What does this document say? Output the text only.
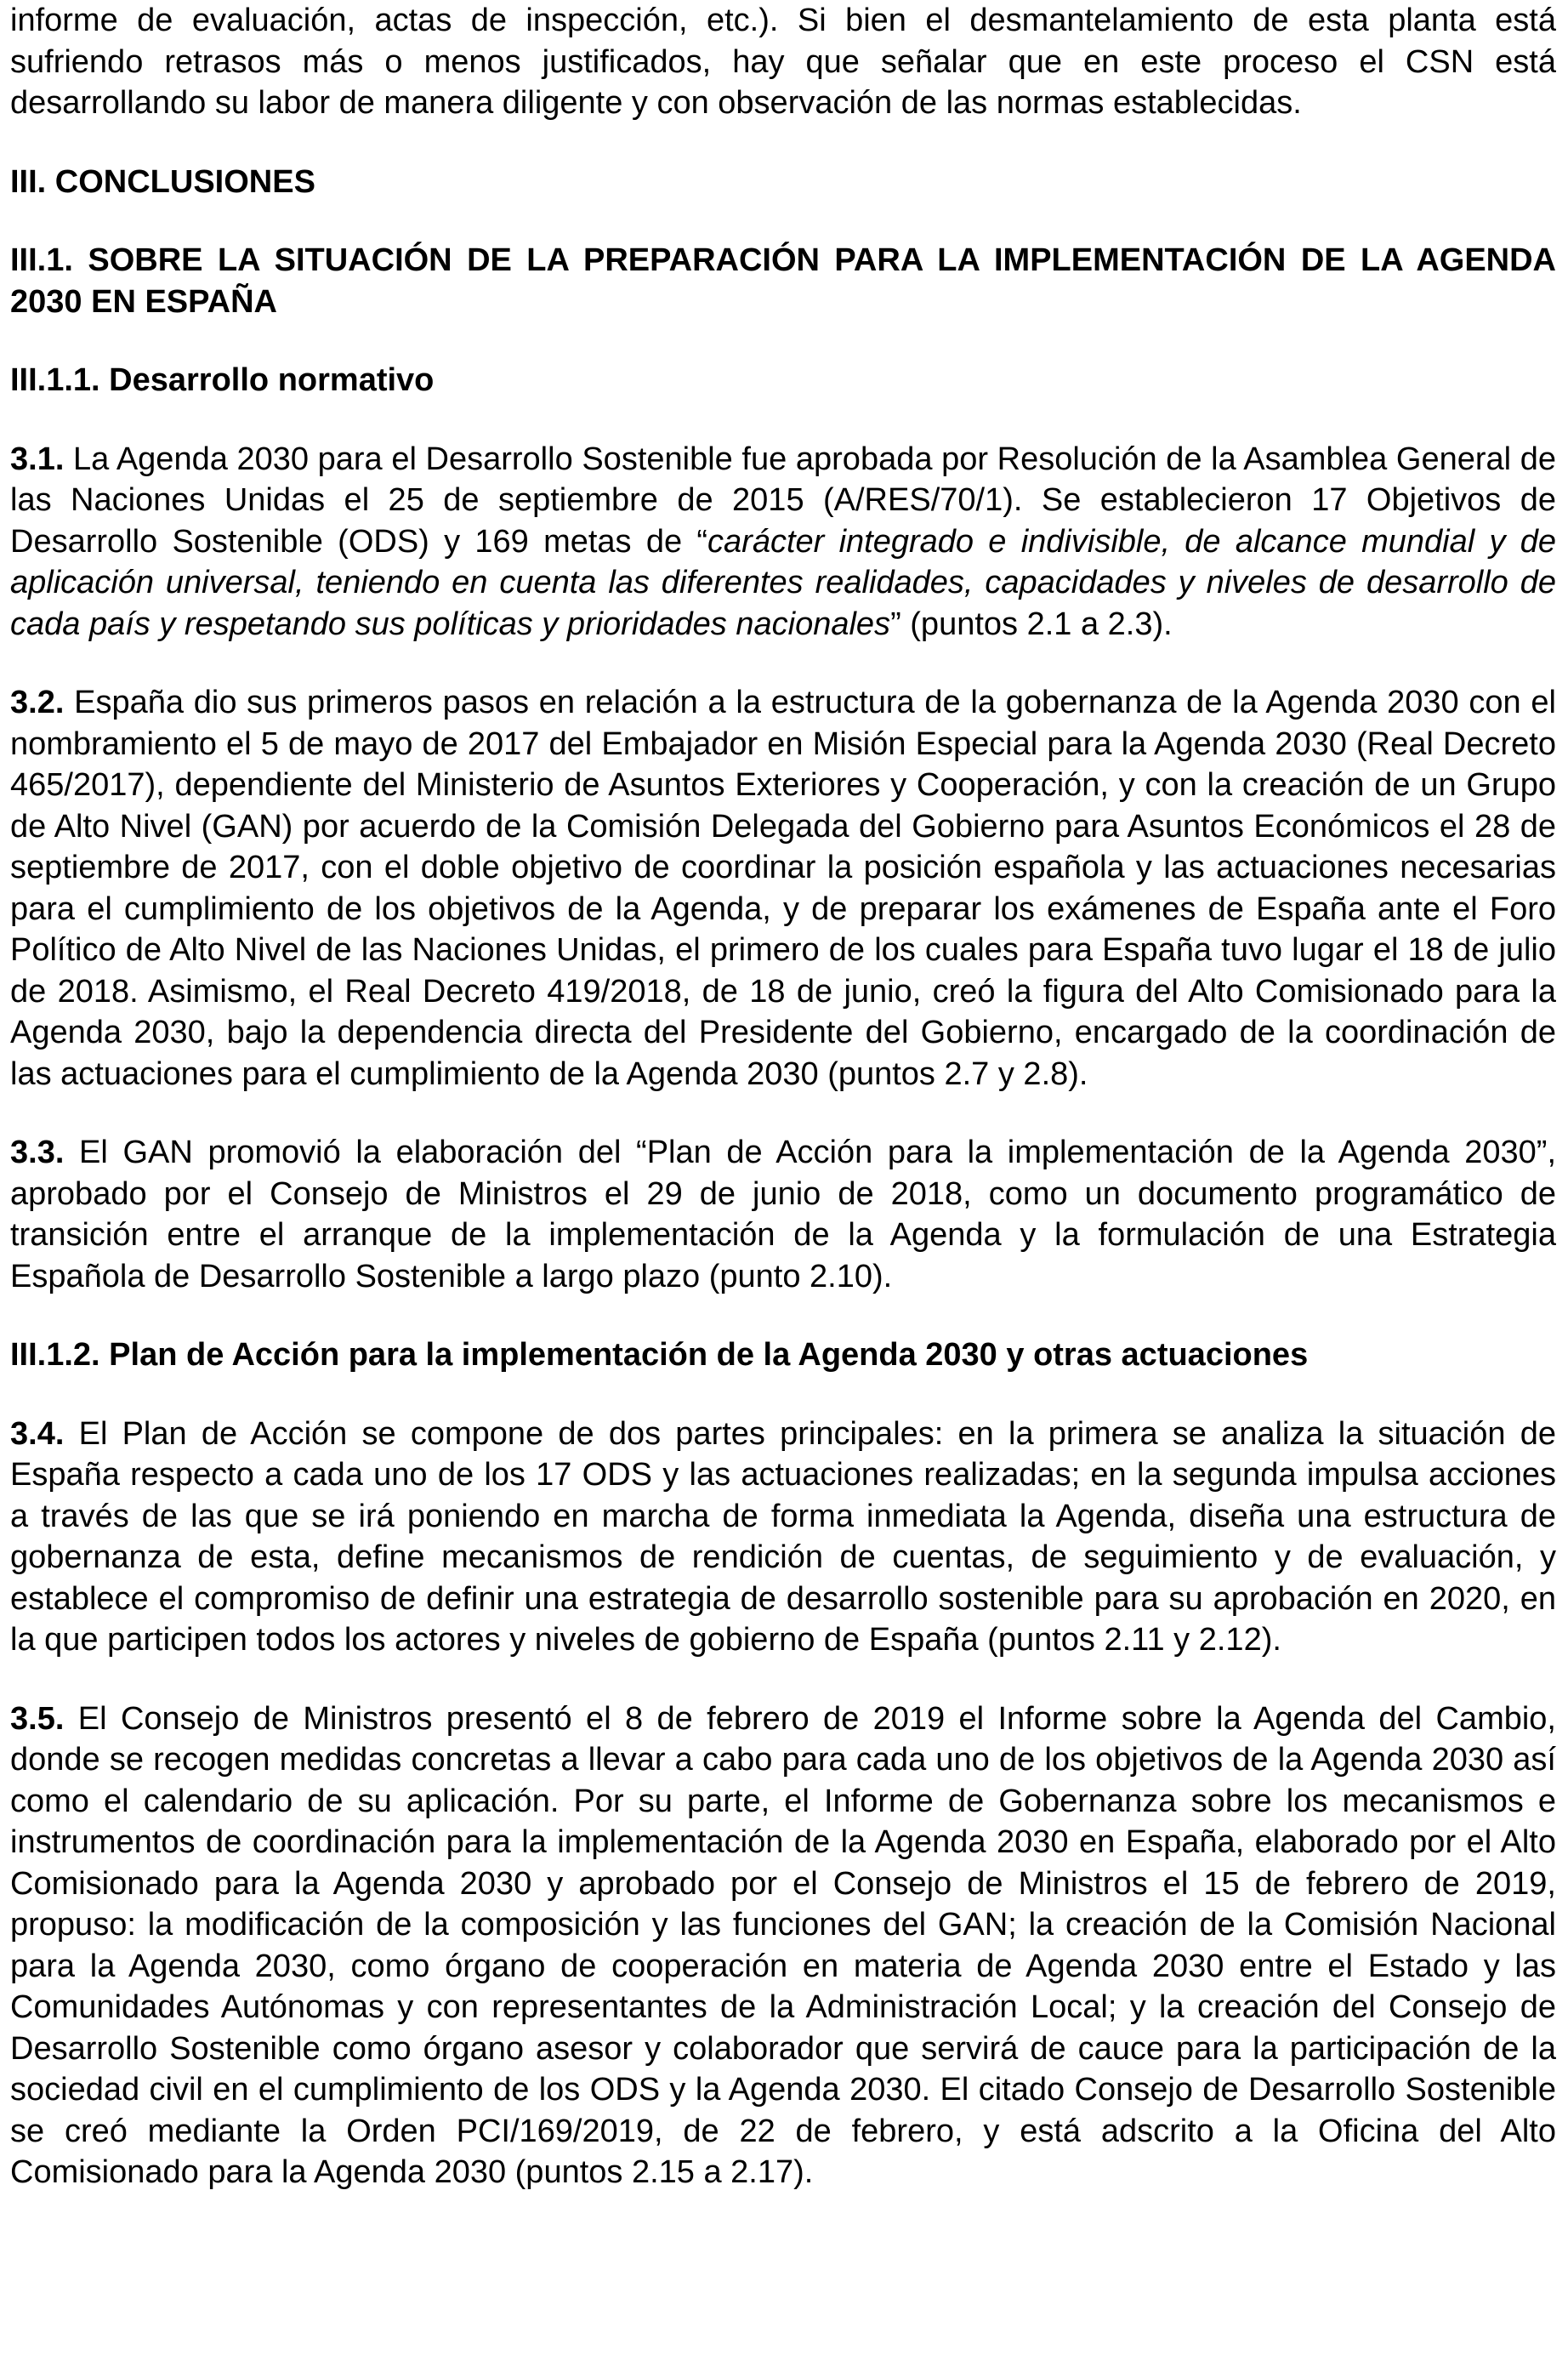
informe de evaluación, actas de inspección, etc.). Si bien el desmantelamiento de esta planta está sufriendo retrasos más o menos justificados, hay que señalar que en este proceso el CSN está desarrollando su labor de manera diligente y con observación de las normas establecidas.

III. CONCLUSIONES

III.1. SOBRE LA SITUACIÓN DE LA PREPARACIÓN PARA LA IMPLEMENTACIÓN DE LA AGENDA 2030 EN ESPAÑA

III.1.1. Desarrollo normativo

3.1. La Agenda 2030 para el Desarrollo Sostenible fue aprobada por Resolución de la Asamblea General de las Naciones Unidas el 25 de septiembre de 2015 (A/RES/70/1). Se establecieron 17 Objetivos de Desarrollo Sostenible (ODS) y 169 metas de “carácter integrado e indivisible, de alcance mundial y de aplicación universal, teniendo en cuenta las diferentes realidades, capacidades y niveles de desarrollo de cada país y respetando sus políticas y prioridades nacionales” (puntos 2.1 a 2.3).

3.2. España dio sus primeros pasos en relación a la estructura de la gobernanza de la Agenda 2030 con el nombramiento el 5 de mayo de 2017 del Embajador en Misión Especial para la Agenda 2030 (Real Decreto 465/2017), dependiente del Ministerio de Asuntos Exteriores y Cooperación, y con la creación de un Grupo de Alto Nivel (GAN) por acuerdo de la Comisión Delegada del Gobierno para Asuntos Económicos el 28 de septiembre de 2017, con el doble objetivo de coordinar la posición española y las actuaciones necesarias para el cumplimiento de los objetivos de la Agenda, y de preparar los exámenes de España ante el Foro Político de Alto Nivel de las Naciones Unidas, el primero de los cuales para España tuvo lugar el 18 de julio de 2018. Asimismo, el Real Decreto 419/2018, de 18 de junio, creó la figura del Alto Comisionado para la Agenda 2030, bajo la dependencia directa del Presidente del Gobierno, encargado de la coordinación de las actuaciones para el cumplimiento de la Agenda 2030 (puntos 2.7 y 2.8).

3.3. El GAN promovió la elaboración del “Plan de Acción para la implementación de la Agenda 2030”, aprobado por el Consejo de Ministros el 29 de junio de 2018, como un documento programático de transición entre el arranque de la implementación de la Agenda y la formulación de una Estrategia Española de Desarrollo Sostenible a largo plazo (punto 2.10).

III.1.2. Plan de Acción para la implementación de la Agenda 2030 y otras actuaciones

3.4. El Plan de Acción se compone de dos partes principales: en la primera se analiza la situación de España respecto a cada uno de los 17 ODS y las actuaciones realizadas; en la segunda impulsa acciones a través de las que se irá poniendo en marcha de forma inmediata la Agenda, diseña una estructura de gobernanza de esta, define mecanismos de rendición de cuentas, de seguimiento y de evaluación, y establece el compromiso de definir una estrategia de desarrollo sostenible para su aprobación en 2020, en la que participen todos los actores y niveles de gobierno de España (puntos 2.11 y 2.12).

3.5. El Consejo de Ministros presentó el 8 de febrero de 2019 el Informe sobre la Agenda del Cambio, donde se recogen medidas concretas a llevar a cabo para cada uno de los objetivos de la Agenda 2030 así como el calendario de su aplicación. Por su parte, el Informe de Gobernanza sobre los mecanismos e instrumentos de coordinación para la implementación de la Agenda 2030 en España, elaborado por el Alto Comisionado para la Agenda 2030 y aprobado por el Consejo de Ministros el 15 de febrero de 2019, propuso: la modificación de la composición y las funciones del GAN; la creación de la Comisión Nacional para la Agenda 2030, como órgano de cooperación en materia de Agenda 2030 entre el Estado y las Comunidades Autónomas y con representantes de la Administración Local; y la creación del Consejo de Desarrollo Sostenible como órgano asesor y colaborador que servirá de cauce para la participación de la sociedad civil en el cumplimiento de los ODS y la Agenda 2030. El citado Consejo de Desarrollo Sostenible se creó mediante la Orden PCI/169/2019, de 22 de febrero, y está adscrito a la Oficina del Alto Comisionado para la Agenda 2030 (puntos 2.15 a 2.17).
